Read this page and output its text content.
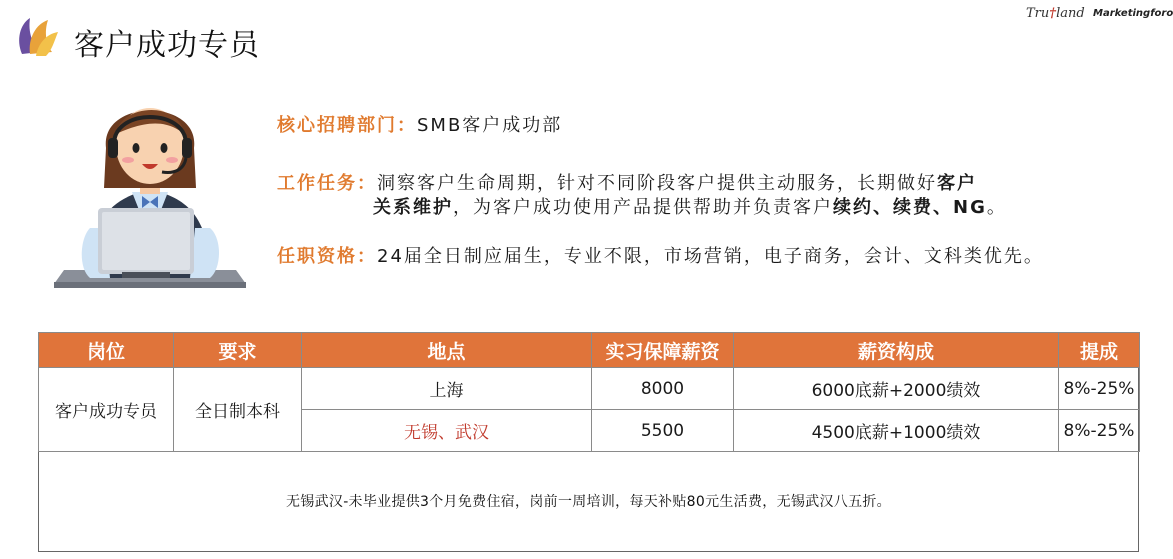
客户成功专员
Tru†land Marketingforo
核心招聘部门：SMB客户成功部
工作任务：洞察客户生命周期，针对不同阶段客户提供主动服务，长期做好客户
关系维护，为客户成功使用产品提供帮助并负责客户续约、续费、NG。
任职资格：24届全日制应届生，专业不限，市场营销，电子商务，会计、文科类优先。
岗位	要求	地点	实习保障薪资	薪资构成	提成
客户成功专员	全日制本科	上海	8000	6000底薪+2000绩效	8%-25%
		无锡、武汉	5500	4500底薪+1000绩效	8%-25%
无锡武汉-未毕业提供3个月免费住宿，岗前一周培训，每天补贴80元生活费，无锡武汉八五折。
